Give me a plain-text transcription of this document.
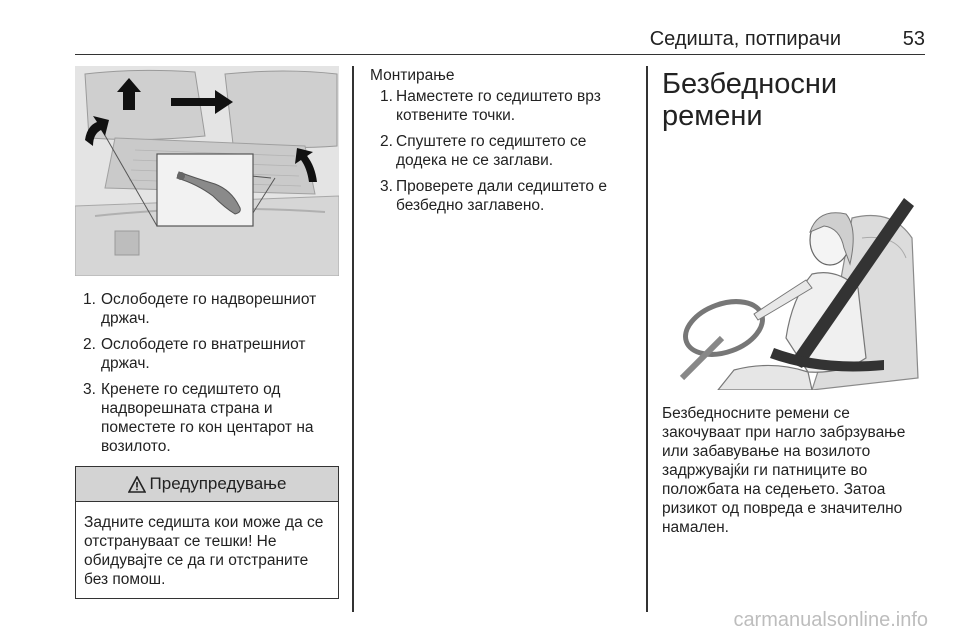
Седишта, потпирачи	53
1. Ослободете го надворешниот држач.
2. Ослободете го внатрешниот држач.
3. Кренете го седиштето од надворешната страна и поместете го кон центарот на возилото.
Предупредување
Задните седишта кои може да се отстрануваат се тешки! Не обидувајте се да ги отстраните без помош.
Монтирање
1. Наместете го седиштето врз котвените точки.
2. Спуштете го седиштето се додека не се заглави.
3. Проверете дали седиштето е безбедно заглавено.
Безбедносни ремени
Безбедносните ремени се закочуваат при нагло забрзување или забавување на возилото задржувајќи ги патниците во положбата на седењето. Затоа ризикот од повреда е значително намален.
carmanualsonline.info
